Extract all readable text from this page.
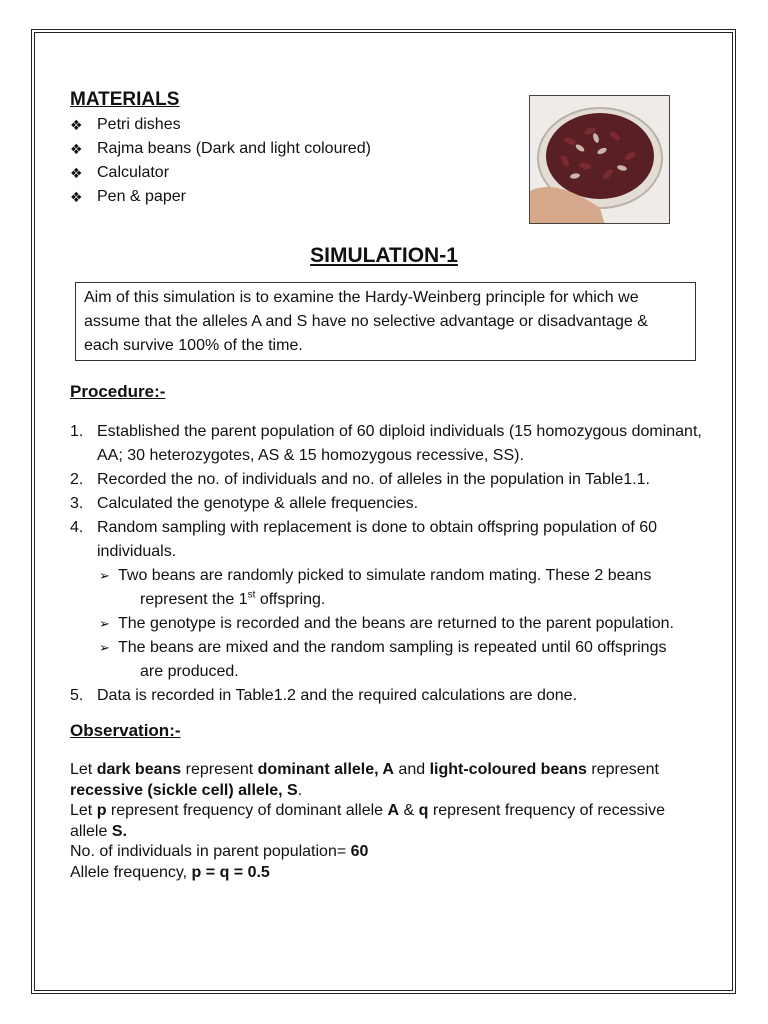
MATERIALS
❖ Petri dishes
❖ Rajma beans (Dark and light coloured)
❖ Calculator
❖ Pen & paper
SIMULATION-1
Aim of this simulation is to examine the Hardy-Weinberg principle for which we assume that the alleles A and S have no selective advantage or disadvantage & each survive 100% of the time.
Procedure:-
1. Established the parent population of 60 diploid individuals (15 homozygous dominant, AA; 30 heterozygotes, AS & 15 homozygous recessive, SS).
2. Recorded the no. of individuals and no. of alleles in the population in Table1.1.
3. Calculated the genotype & allele frequencies.
4. Random sampling with replacement is done to obtain offspring population of 60 individuals.
➢ Two beans are randomly picked to simulate random mating. These 2 beans
represent the 1st offspring.
➢ The genotype is recorded and the beans are returned to the parent population.
➢ The beans are mixed and the random sampling is repeated until 60 offsprings
are produced.
5. Data is recorded in Table1.2 and the required calculations are done.
Observation:-
Let dark beans represent dominant allele, A and light-coloured beans represent
recessive (sickle cell) allele, S.
Let p represent frequency of dominant allele A & q represent frequency of recessive
allele S.
No. of individuals in parent population= 60
Allele frequency, p = q = 0.5
